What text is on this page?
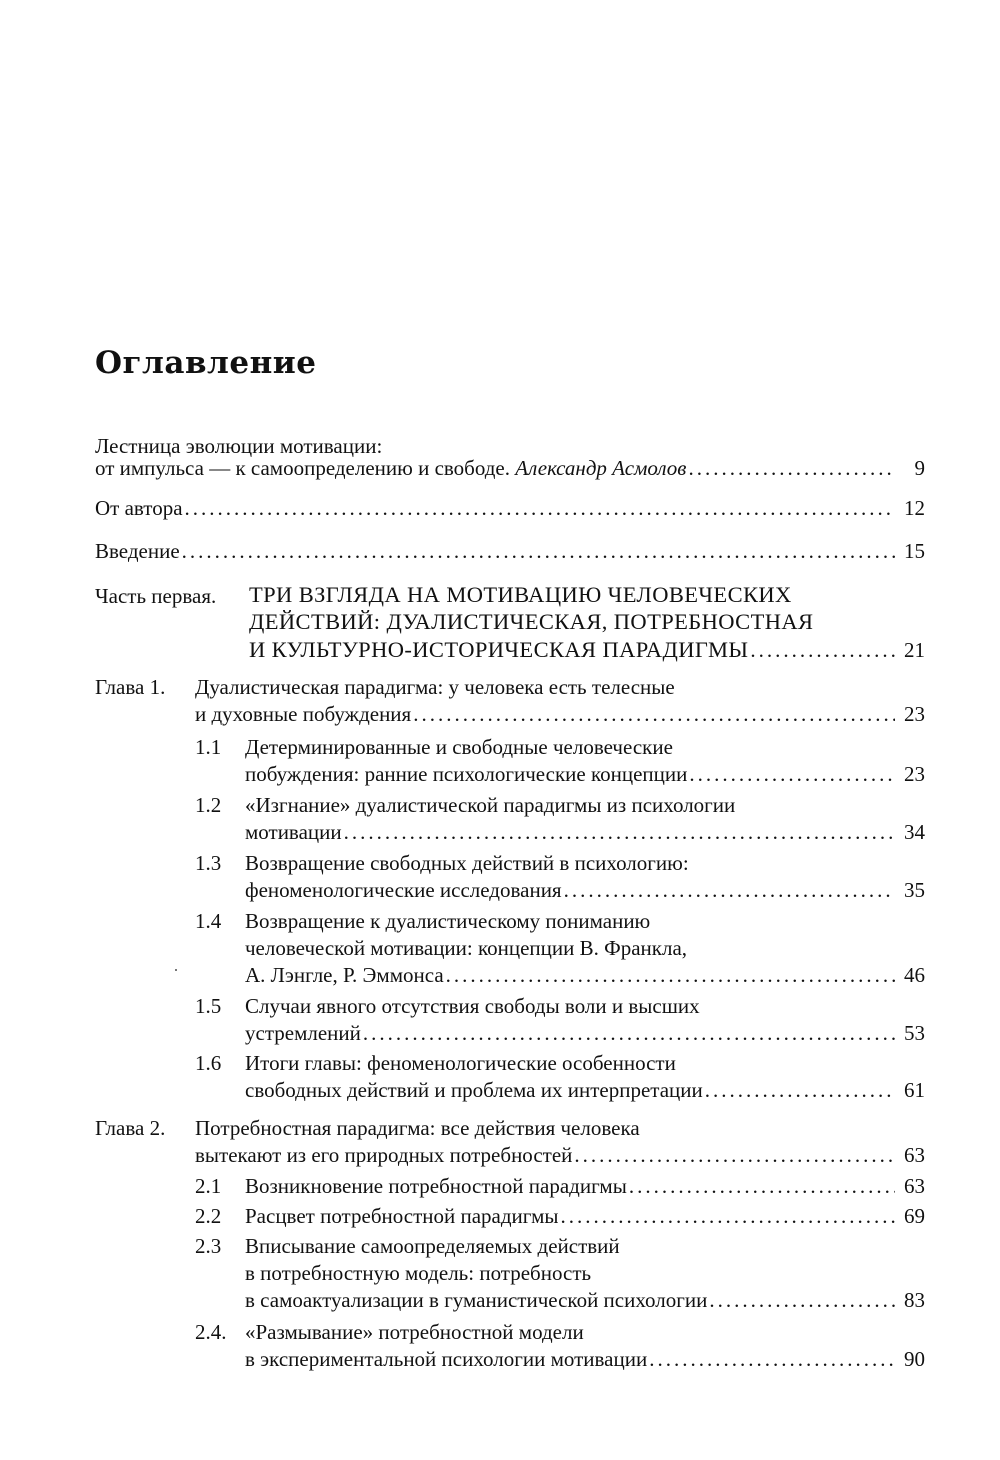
Оглавление
Лестница эволюции мотивации:
от импульса — к самоопределению и свободе. Александр Асмолов .....	9
От автора .....	12
Введение .....	15
Часть первая. ТРИ ВЗГЛЯДА НА МОТИВАЦИЮ ЧЕЛОВЕЧЕСКИХ
ДЕЙСТВИЙ: ДУАЛИСТИЧЕСКАЯ, ПОТРЕБНОСТНАЯ
И КУЛЬТУРНО-ИСТОРИЧЕСКАЯ ПАРАДИГМЫ .....	21
Глава 1. Дуалистическая парадигма: у человека есть телесные
и духовные побуждения .....	23
1.1 Детерминированные и свободные человеческие
побуждения: ранние психологические концепции .....	23
1.2 «Изгнание» дуалистической парадигмы из психологии
мотивации .....	34
1.3 Возвращение свободных действий в психологию:
феноменологические исследования .....	35
1.4 Возвращение к дуалистическому пониманию
человеческой мотивации: концепции В. Франкла,
А. Лэнгле, Р. Эммонса .....	46
1.5 Случаи явного отсутствия свободы воли и высших
устремлений .....	53
1.6 Итоги главы: феноменологические особенности
свободных действий и проблема их интерпретации .....	61
Глава 2. Потребностная парадигма: все действия человека
вытекают из его природных потребностей .....	63
2.1 Возникновение потребностной парадигмы .....	63
2.2 Расцвет потребностной парадигмы .....	69
2.3 Вписывание самоопределяемых действий
в потребностную модель: потребность
в самоактуализации в гуманистической психологии .....	83
2.4. «Размывание» потребностной модели
в экспериментальной психологии мотивации .....	90
